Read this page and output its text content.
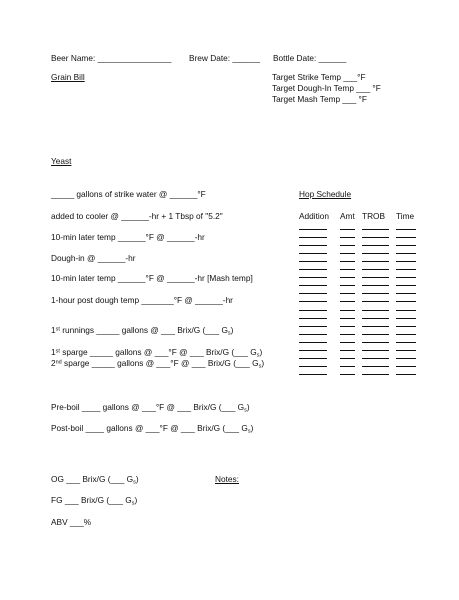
Beer Name: ________________ Brew Date: ______ Bottle Date: ______
Grain Bill	Target Strike Temp ___°F
Target Dough-In Temp ___ °F
Target Mash Temp ___ °F
Yeast
_____ gallons of strike water @ ______°F
added to cooler @ ______-hr + 1 Tbsp of "5.2"
10-min later temp ______°F @ ______-hr
Dough-in @ ______-hr
10-min later temp ______°F @ ______-hr [Mash temp]
1-hour post dough temp _______°F @ ______-hr
1st runnings _____ gallons @ ___ Brix/G (___ $G_s$)
1st sparge _____ gallons @ ___°F @ ___ Brix/G (___ $G_s$)
2nd sparge _____ gallons @ ___°F @ ___ Brix/G (___ $G_s$)
Pre-boil ____ gallons @ ___°F @ ___ Brix/G (___ $G_s$)
Post-boil ____ gallons @ ___°F @ ___ Brix/G (___ $G_s$)
OG ___ Brix/G (___ $G_s$)
FG ___ Brix/G (___ $G_s$)
ABV ___%
Notes:
Hop Schedule
Addition Amt TROB Time
